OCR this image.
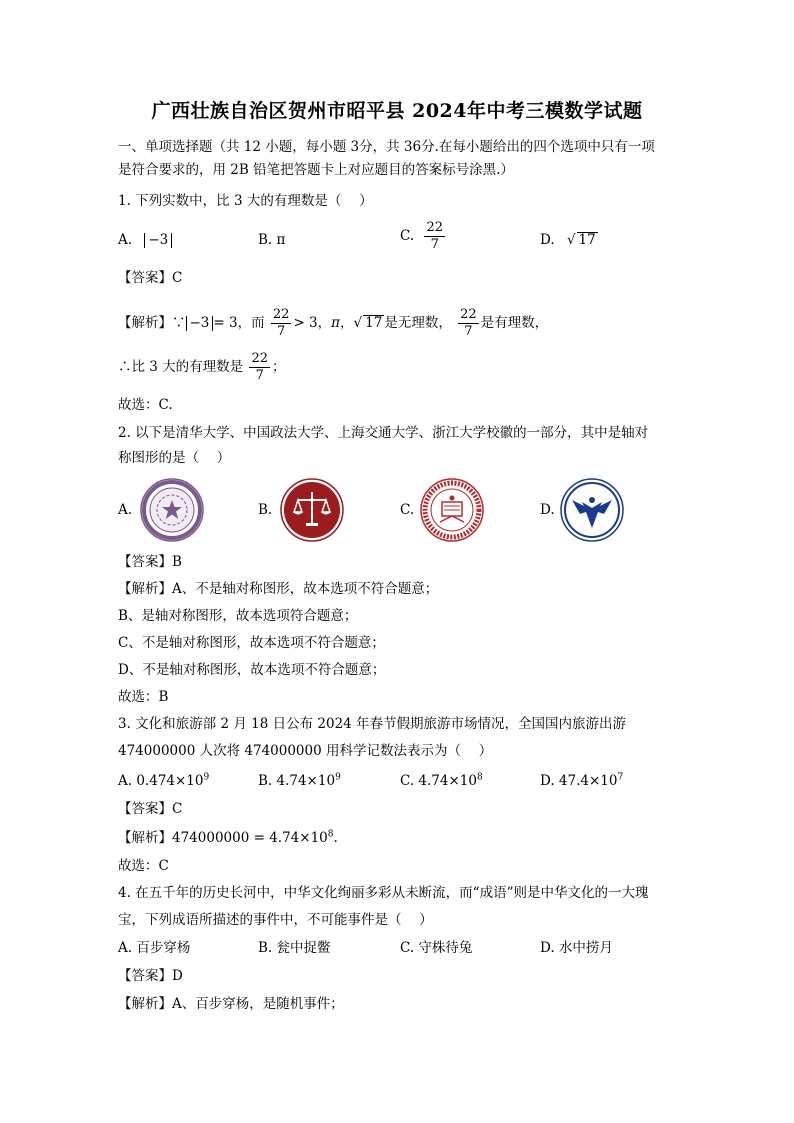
广西壮族自治区贺州市昭平县 2024年中考三模数学试题
一、单项选择题（共 12 小题，每小题 3分，共 36分.在每小题给出的四个选项中只有一项
是符合要求的，用 2B 铅笔把答题卡上对应题目的答案标号涂黑.）
1. 下列实数中，比 3 大的有理数是（　 ）
A. −3	B. π	C. $\frac{22}{7}$	D. √ 17
【答案】C
【解析】∵ −3 = 3，而 $\frac{22}{7} > 3$，π，√ 17 是无理数， $\frac{22}{7}$ 是有理数，
∴比 3 大的有理数是 $\frac{22}{7}$ ；
故选：C.
2. 以下是清华大学、中国政法大学、上海交通大学、浙江大学校徽的一部分，其中是轴对
称图形的是（　 ）
A.	B.	C.	D.
【答案】B
【解析】A、不是轴对称图形，故本选项不符合题意；
B、是轴对称图形，故本选项符合题意；
C、不是轴对称图形，故本选项不符合题意；
D、不是轴对称图形，故本选项不符合题意；
故选：B
3. 文化和旅游部 2 月 18 日公布 2024 年春节假期旅游市场情况，全国国内旅游出游
474000000 人次将 474000000 用科学记数法表示为（　 ）
A. $0.474\times 10^9$	B. $4.74\times 10^9$	C. $4.74\times 10^8$	D. $47.4\times 10^7$
【答案】C
【解析】$474000000 = 4.74\times 10^8$.
故选：C
4. 在五千年的历史长河中，中华文化绚丽多彩从未断流，而“成语”则是中华文化的一大瑰
宝，下列成语所描述的事件中，不可能事件是（　 ）
A. 百步穿杨	B. 瓮中捉鳖	C. 守株待兔	D. 水中捞月
【答案】D
【解析】A、百步穿杨，是随机事件；
